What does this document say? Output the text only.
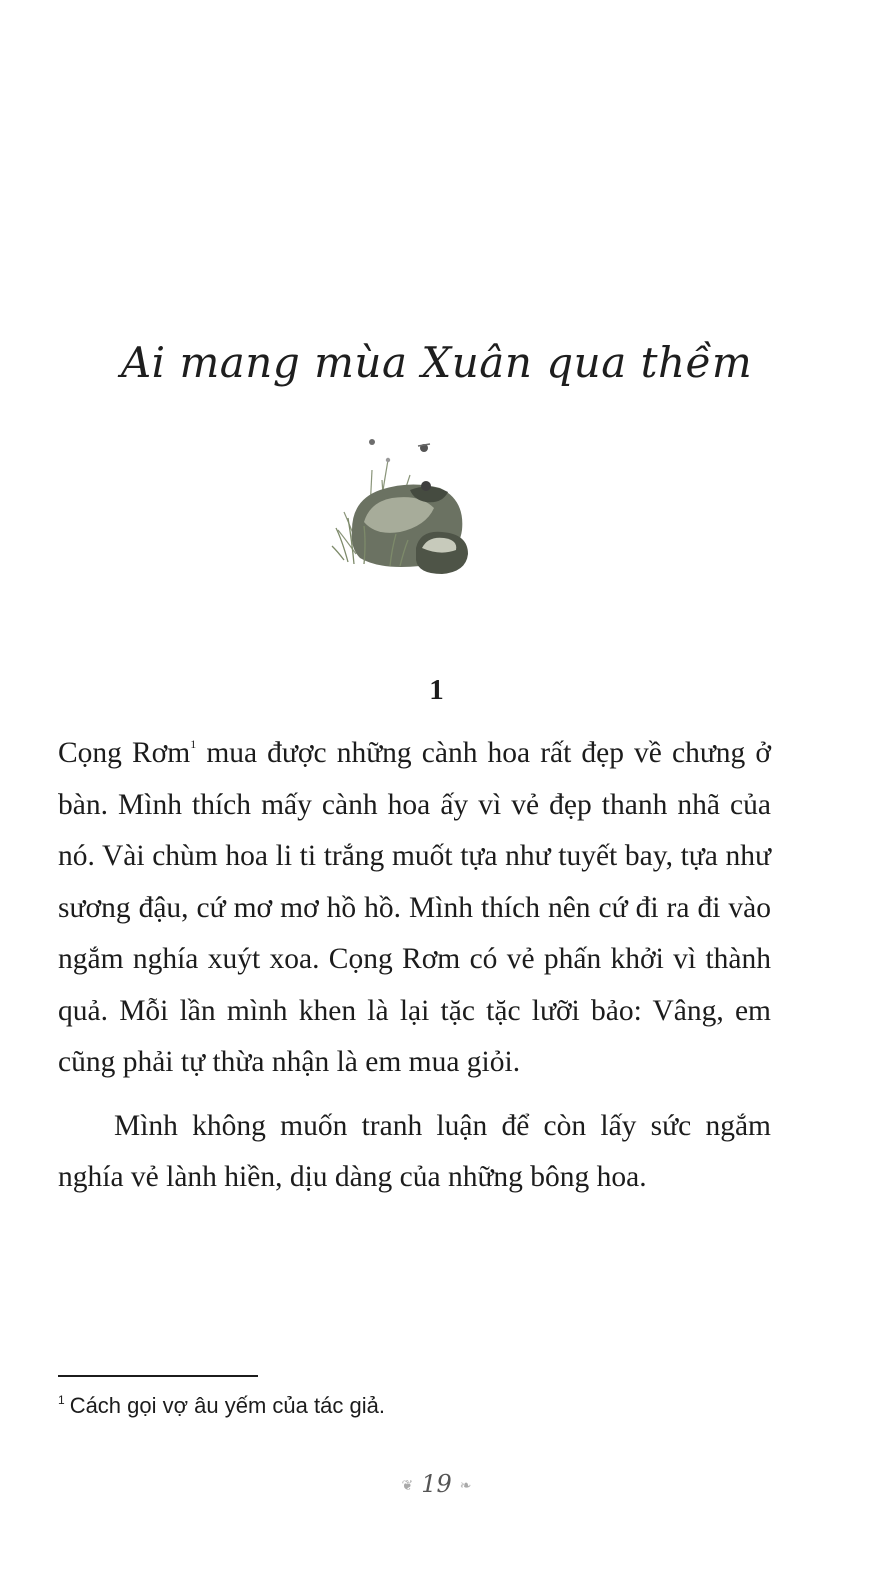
Ai mang mùa Xuân qua thềm
1

Cọng Rơm$^1$ mua được những cành hoa rất đẹp về chưng ở bàn. Mình thích mấy cành hoa ấy vì vẻ đẹp thanh nhã của nó. Vài chùm hoa li ti trắng muốt tựa như tuyết bay, tựa như sương đậu, cứ mơ mơ hồ hồ. Mình thích nên cứ đi ra đi vào ngắm nghía xuýt xoa. Cọng Rơm có vẻ phấn khởi vì thành quả. Mỗi lần mình khen là lại tặc tặc lưỡi bảo: Vâng, em cũng phải tự thừa nhận là em mua giỏi.

Mình không muốn tranh luận để còn lấy sức ngắm nghía vẻ lành hiền, dịu dàng của những bông hoa.

$^1$ Cách gọi vợ âu yếm của tác giả.

❦ 19 ❧
